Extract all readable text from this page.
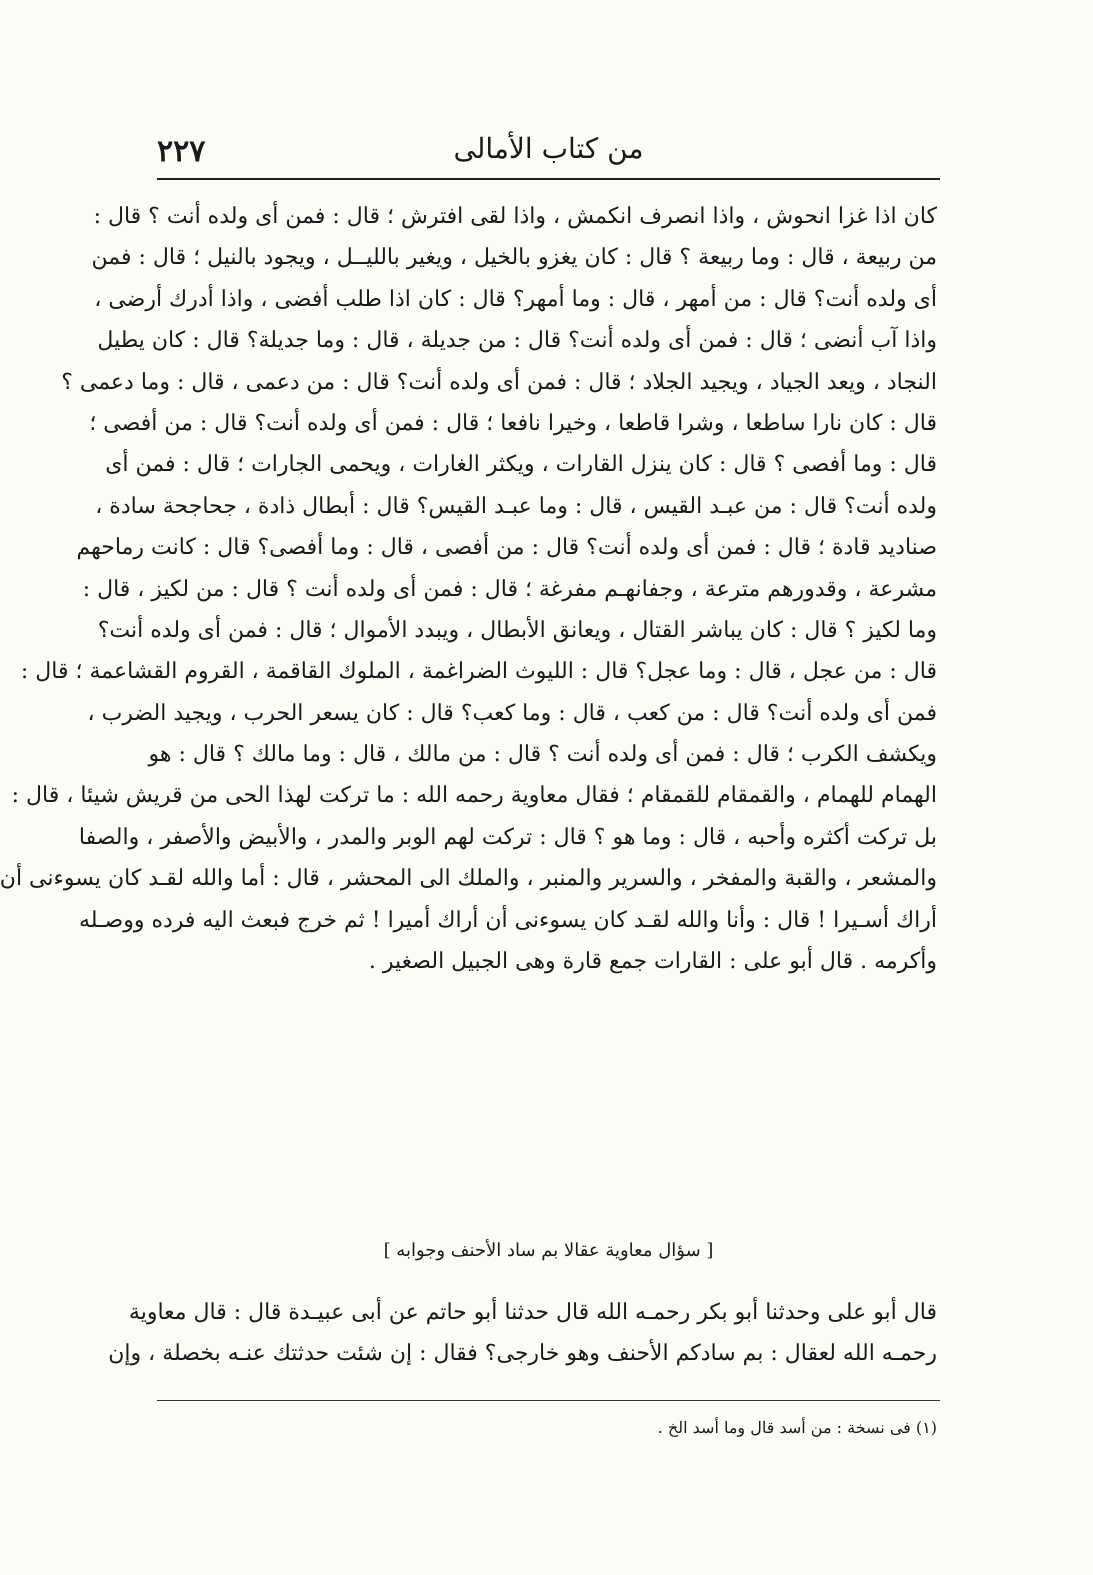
٢٢٧	من كتاب الأمالى
كان اذا غزا انحوش ، واذا انصرف انكمش ، واذا لقى افترش ؛ قال : فمن أى ولده أنت ؟ قال :
من ربيعة ، قال : وما ربيعة ؟ قال : كان يغزو بالخيل ، ويغير بالليــل ، ويجود بالنيل ؛ قال : فمن
أى ولده أنت؟ قال : من أمهر ، قال : وما أمهر؟ قال : كان اذا طلب أفضى ، واذا أدرك أرضى ،
واذا آب أنضى ؛ قال : فمن أى ولده أنت؟ قال : من جديلة ، قال : وما جديلة؟ قال : كان يطيل
النجاد ، ويعد الجياد ، ويجيد الجلاد ؛ قال : فمن أى ولده أنت؟ قال : من دعمى ، قال : وما دعمى ؟
قال : كان نارا ساطعا ، وشرا قاطعا ، وخيرا نافعا ؛ قال : فمن أى ولده أنت؟ قال : من أفصى ؛
قال : وما أفصى ؟ قال : كان ينزل القارات ، ويكثر الغارات ، ويحمى الجارات ؛ قال : فمن أى
ولده أنت؟ قال : من عبـد القيس ، قال : وما عبـد القيس؟ قال : أبطال ذادة ، جحاجحة سادة ،
صناديد قادة ؛ قال : فمن أى ولده أنت؟ قال : من أفصى ، قال : وما أفصى؟ قال : كانت رماحهم
مشرعة ، وقدورهم مترعة ، وجفانهـم مفرغة ؛ قال : فمن أى ولده أنت ؟ قال : من لكيز ، قال :
وما لكيز ؟ قال : كان يباشر القتال ، ويعانق الأبطال ، ويبدد الأموال ؛ قال : فمن أى ولده أنت؟
قال : من عجل ، قال : وما عجل؟ قال : الليوث الضراغمة ، الملوك القاقمة ، القروم القشاعمة ؛ قال :
فمن أى ولده أنت؟ قال : من كعب ، قال : وما كعب؟ قال : كان يسعر الحرب ، ويجيد الضرب ،
ويكشف الكرب ؛ قال : فمن أى ولده أنت ؟ قال : من مالك ، قال : وما مالك ؟ قال : هو
الهمام للهمام ، والقمقام للقمقام ؛ فقال معاوية رحمه الله : ما تركت لهذا الحى من قريش شيئا ، قال :
بل تركت أكثره وأحبه ، قال : وما هو ؟ قال : تركت لهم الوبر والمدر ، والأبيض والأصفر ، والصفا
والمشعر ، والقبة والمفخر ، والسرير والمنبر ، والملك الى المحشر ، قال : أما والله لقـد كان يسوءنى أن
أراك أسـيرا ! قال : وأنا والله لقـد كان يسوءنى أن أراك أميرا ! ثم خرج فبعث اليه فرده ووصـله
وأكرمه . قال أبو على : القارات جمع قارة وهى الجبيل الصغير .
[ سؤال معاوية عقالا بم ساد الأحنف وجوابه ]
قال أبو على وحدثنا أبو بكر رحمـه الله قال حدثنا أبو حاتم عن أبى عبيـدة قال : قال معاوية
رحمـه الله لعقال : بم سادكم الأحنف وهو خارجى؟ فقال : إن شئت حدثتك عنـه بخصلة ، وإن
(١) فى نسخة : من أسد قال وما أسد الخ .
